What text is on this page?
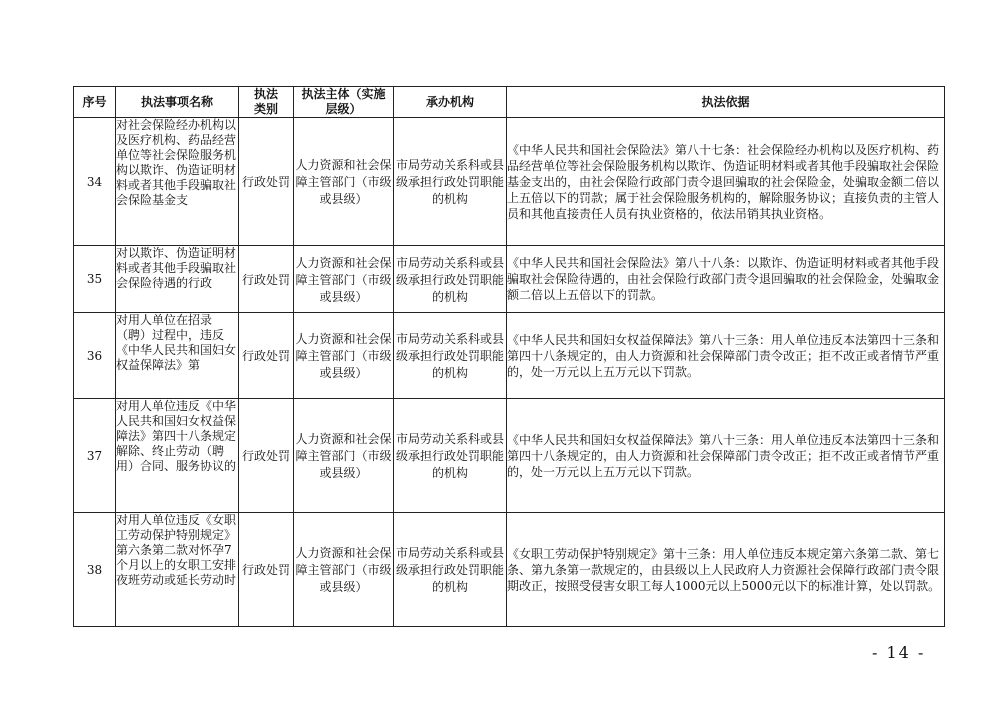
序号	执法事项名称	执法类别	执法主体（实施层级）	承办机构	执法依据
34	对社会保险经办机构以及医疗机构、药品经营单位等社会保险服务机构以欺诈、伪造证明材料或者其他手段骗取社会保险基金支	行政处罚	人力资源和社会保障主管部门（市级或县级）	市局劳动关系科或县级承担行政处罚职能的机构	《中华人民共和国社会保险法》第八十七条：社会保险经办机构以及医疗机构、药品经营单位等社会保险服务机构以欺诈、伪造证明材料或者其他手段骗取社会保险基金支出的，由社会保险行政部门责令退回骗取的社会保险金，处骗取金额二倍以上五倍以下的罚款；属于社会保险服务机构的，解除服务协议；直接负责的主管人员和其他直接责任人员有执业资格的，依法吊销其执业资格。
35	对以欺诈、伪造证明材料或者其他手段骗取社会保险待遇的行政	行政处罚	人力资源和社会保障主管部门（市级或县级）	市局劳动关系科或县级承担行政处罚职能的机构	《中华人民共和国社会保险法》第八十八条：以欺诈、伪造证明材料或者其他手段骗取社会保险待遇的，由社会保险行政部门责令退回骗取的社会保险金，处骗取金额二倍以上五倍以下的罚款。
36	对用人单位在招录（聘）过程中，违反《中华人民共和国妇女权益保障法》第	行政处罚	人力资源和社会保障主管部门（市级或县级）	市局劳动关系科或县级承担行政处罚职能的机构	《中华人民共和国妇女权益保障法》第八十三条：用人单位违反本法第四十三条和第四十八条规定的，由人力资源和社会保障部门责令改正；拒不改正或者情节严重的，处一万元以上五万元以下罚款。
37	对用人单位违反《中华人民共和国妇女权益保障法》第四十八条规定解除、终止劳动（聘用）合同、服务协议的	行政处罚	人力资源和社会保障主管部门（市级或县级）	市局劳动关系科或县级承担行政处罚职能的机构	《中华人民共和国妇女权益保障法》第八十三条：用人单位违反本法第四十三条和第四十八条规定的，由人力资源和社会保障部门责令改正；拒不改正或者情节严重的，处一万元以上五万元以下罚款。
38	对用人单位违反《女职工劳动保护特别规定》第六条第二款对怀孕7个月以上的女职工安排夜班劳动或延长劳动时	行政处罚	人力资源和社会保障主管部门（市级或县级）	市局劳动关系科或县级承担行政处罚职能的机构	《女职工劳动保护特别规定》第十三条：用人单位违反本规定第六条第二款、第七条、第九条第一款规定的，由县级以上人民政府人力资源社会保障行政部门责令限期改正，按照受侵害女职工每人1000元以上5000元以下的标准计算，处以罚款。
- 14 -
